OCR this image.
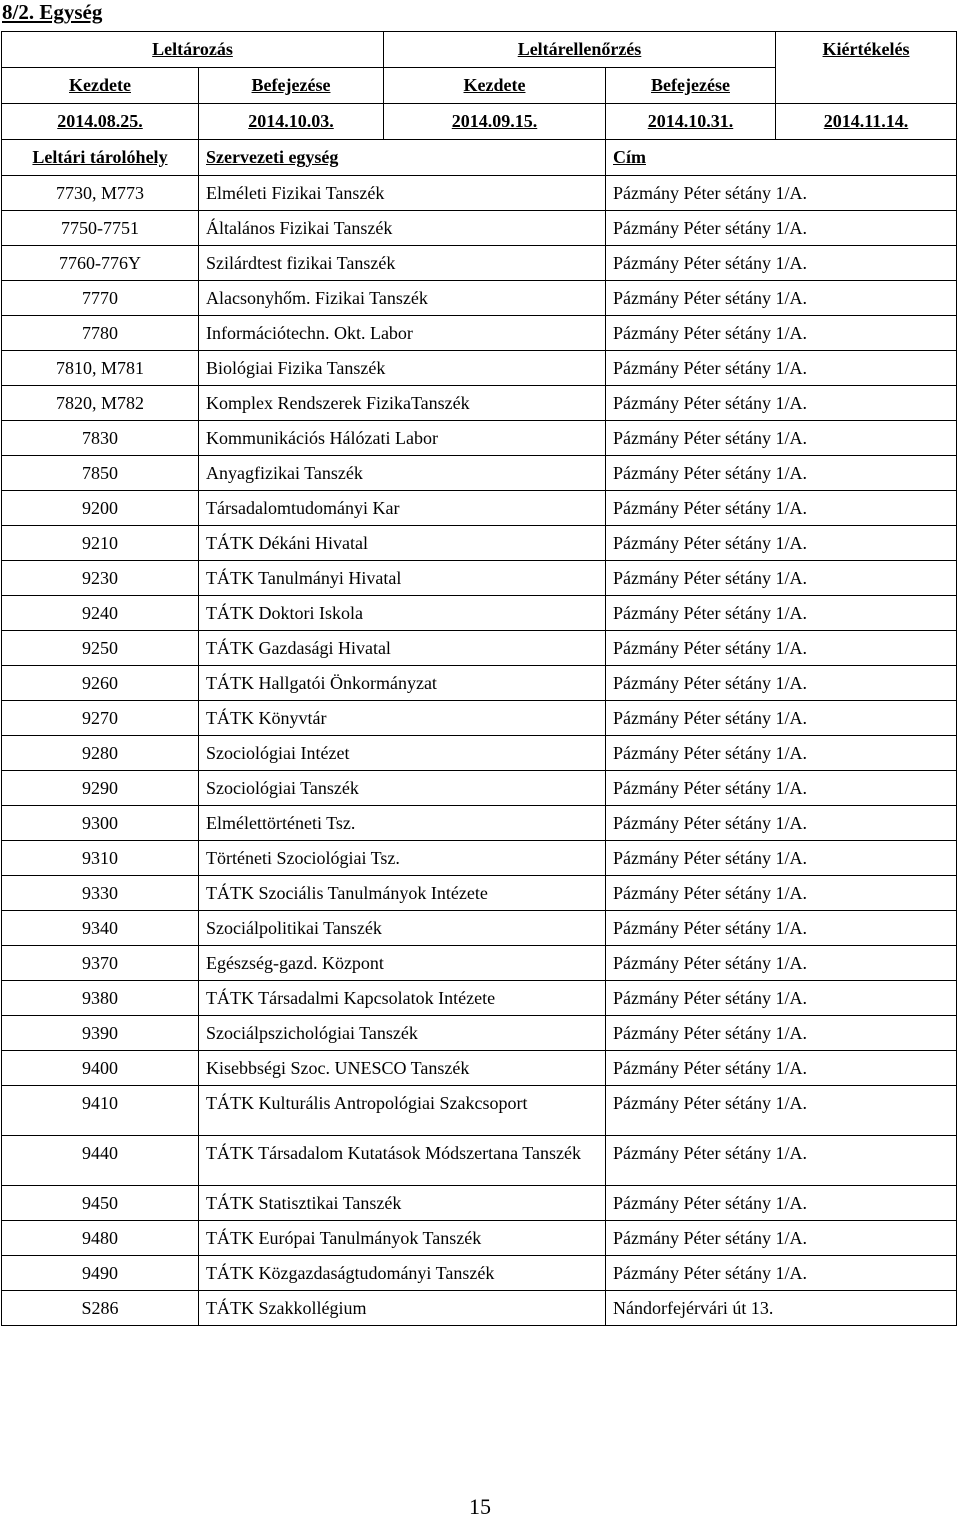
8/2. Egység
Leltározás		Leltárellenőrzés		Kiértékelés
Kezdete	Befejezése	Kezdete	Befejezése	
2014.08.25.	2014.10.03.	2014.09.15.	2014.10.31.	2014.11.14.
Leltári tárolóhely	Szervezeti egység		Cím	
7730, M773	Elméleti Fizikai Tanszék		Pázmány Péter sétány 1/A.	
7750-7751	Általános Fizikai Tanszék		Pázmány Péter sétány 1/A.	
7760-776Y	Szilárdtest fizikai Tanszék		Pázmány Péter sétány 1/A.	
7770	Alacsonyhőm. Fizikai Tanszék		Pázmány Péter sétány 1/A.	
7780	Információtechn. Okt. Labor		Pázmány Péter sétány 1/A.	
7810, M781	Biológiai Fizika Tanszék		Pázmány Péter sétány 1/A.	
7820, M782	Komplex Rendszerek FizikaTanszék		Pázmány Péter sétány 1/A.	
7830	Kommunikációs Hálózati Labor		Pázmány Péter sétány 1/A.	
7850	Anyagfizikai Tanszék		Pázmány Péter sétány 1/A.	
9200	Társadalomtudományi Kar		Pázmány Péter sétány 1/A.	
9210	TÁTK Dékáni Hivatal		Pázmány Péter sétány 1/A.	
9230	TÁTK Tanulmányi Hivatal		Pázmány Péter sétány 1/A.	
9240	TÁTK Doktori Iskola		Pázmány Péter sétány 1/A.	
9250	TÁTK Gazdasági Hivatal		Pázmány Péter sétány 1/A.	
9260	TÁTK Hallgatói Önkormányzat		Pázmány Péter sétány 1/A.	
9270	TÁTK Könyvtár		Pázmány Péter sétány 1/A.	
9280	Szociológiai Intézet		Pázmány Péter sétány 1/A.	
9290	Szociológiai Tanszék		Pázmány Péter sétány 1/A.	
9300	Elmélettörténeti Tsz.		Pázmány Péter sétány 1/A.	
9310	Történeti Szociológiai Tsz.		Pázmány Péter sétány 1/A.	
9330	TÁTK Szociális Tanulmányok Intézete		Pázmány Péter sétány 1/A.	
9340	Szociálpolitikai Tanszék		Pázmány Péter sétány 1/A.	
9370	Egészség-gazd. Központ		Pázmány Péter sétány 1/A.	
9380	TÁTK Társadalmi Kapcsolatok Intézete		Pázmány Péter sétány 1/A.	
9390	Szociálpszichológiai Tanszék		Pázmány Péter sétány 1/A.	
9400	Kisebbségi Szoc. UNESCO Tanszék		Pázmány Péter sétány 1/A.	
9410	TÁTK Kulturális Antropológiai Szakcsoport		Pázmány Péter sétány 1/A.	
9440	TÁTK Társadalom Kutatások Módszertana Tanszék		Pázmány Péter sétány 1/A.	
9450	TÁTK Statisztikai Tanszék		Pázmány Péter sétány 1/A.	
9480	TÁTK Európai Tanulmányok Tanszék		Pázmány Péter sétány 1/A.	
9490	TÁTK Közgazdaságtudományi Tanszék		Pázmány Péter sétány 1/A.	
S286	TÁTK Szakkollégium		Nándorfejérvári út 13.	
15
